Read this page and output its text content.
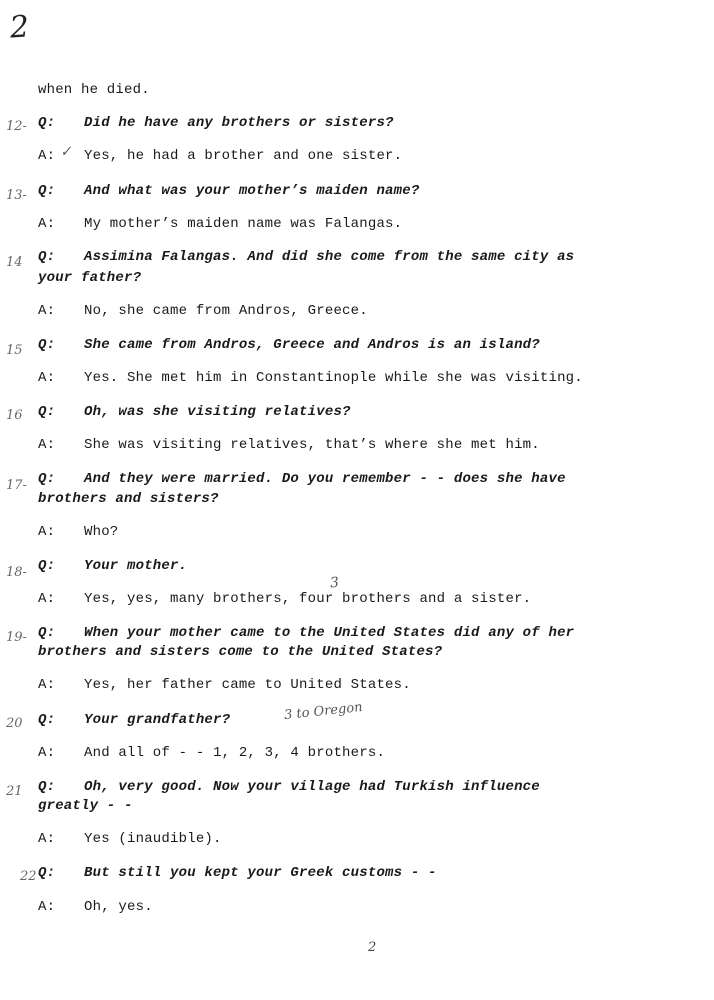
2
when he died.
12- Q: Did he have any brothers or sisters?
A: Yes, he had a brother and one sister.
✓
13- Q: And what was your mother’s maiden name?
A: My mother’s maiden name was Falangas.
14 Q: Assimina Falangas. And did she come from the same city as
your father?
A: No, she came from Andros, Greece.
15 Q: She came from Andros, Greece and Andros is an island?
A: Yes. She met him in Constantinople while she was visiting.
16 Q: Oh, was she visiting relatives?
A: She was visiting relatives, that’s where she met him.
17- Q: And they were married. Do you remember - - does she have
brothers and sisters?
A: Who?
18- Q: Your mother.
3
A: Yes, yes, many brothers, four brothers and a sister.
19- Q: When your mother came to the United States did any of her
brothers and sisters come to the United States?
A: Yes, her father came to United States.
20 Q: Your grandfather?	3 to Oregon
A: And all of - - 1, 2, 3, 4 brothers.
21 Q: Oh, very good. Now your village had Turkish influence
greatly - -
A: Yes (inaudible).
22 Q: But still you kept your Greek customs - -
A: Oh, yes.
2
